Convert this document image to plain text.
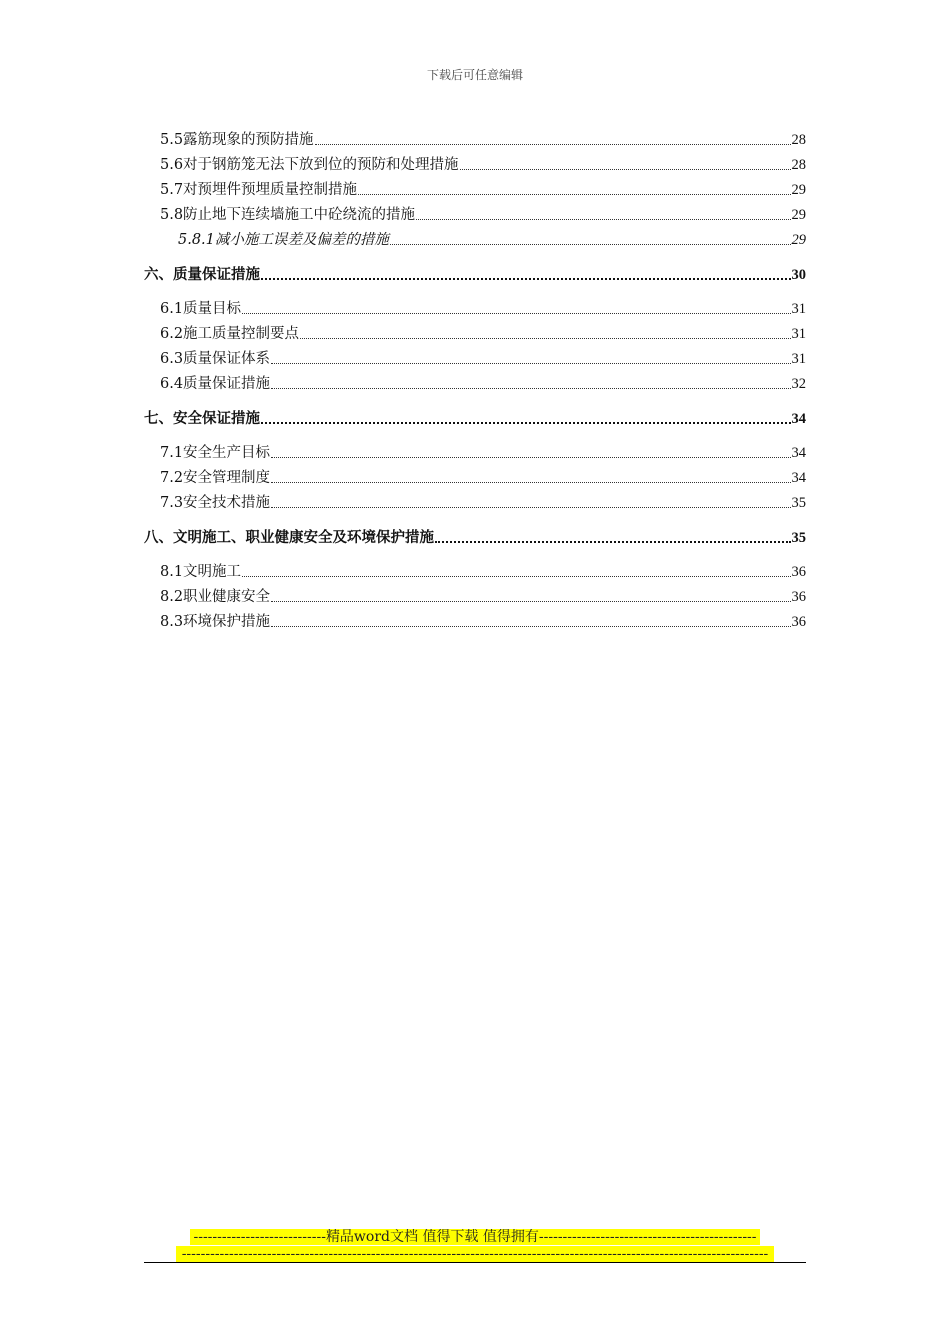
下载后可任意编辑
5.5露筋现象的预防措施	28
5.6对于钢筋笼无法下放到位的预防和处理措施	28
5.7对预埋件预埋质量控制措施	29
5.8防止地下连续墙施工中砼绕流的措施	29
5.8.1减小施工误差及偏差的措施	29
六、质量保证措施	30
6.1质量目标	31
6.2施工质量控制要点	31
6.3质量保证体系	31
6.4质量保证措施	32
七、安全保证措施	34
7.1安全生产目标	34
7.2安全管理制度	34
7.3安全技术措施	35
八、文明施工、职业健康安全及环境保护措施	35
8.1文明施工	36
8.2职业健康安全	36
8.3环境保护措施	36
----------------------------精品word文档 值得下载 值得拥有----------------------------------------------
----------------------------------------------------------------------------------------------------------------------------
